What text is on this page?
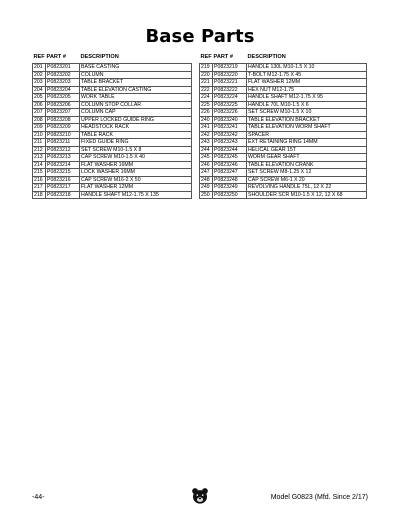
Base Parts
REF	PART #	DESCRIPTION
201	P0823201	BASE CASTING
202	P0823202	COLUMN
203	P0823203	TABLE BRACKET
204	P0823204	TABLE ELEVATION CASTING
205	P0823205	WORK TABLE
206	P0823206	COLUMN STOP COLLAR
207	P0823207	COLUMN CAP
208	P0823208	UPPER LOCKED GUIDE RING
209	P0823209	HEADSTOCK RACK
210	P0823210	TABLE RACK
211	P0823211	FIXED GUIDE RING
212	P0823212	SET SCREW M10-1.5 X 8
213	P0823213	CAP SCREW M10-1.5 X 40
214	P0823214	FLAT WASHER 16MM
215	P0823215	LOCK WASHER 16MM
216	P0823216	CAP SCREW M16-2 X 50
217	P0823217	FLAT WASHER 12MM
218	P0823218	HANDLE SHAFT M12-1.75 X 135
REF	PART #	DESCRIPTION
219	P0823219	HANDLE 130L M10-1.5 X 10
220	P0823220	T-BOLT M12-1.75 X 45
221	P0823221	FLAT WASHER 12MM
222	P0823222	HEX NUT M12-1.75
224	P0823224	HANDLE SHAFT M12-1.75 X 95
225	P0823225	HANDLE 70L M10-1.5 X 6
226	P0823226	SET SCREW M10-1.5 X 10
240	P0823240	TABLE ELEVATION BRACKET
241	P0823241	TABLE ELEVATION WORM SHAFT
242	P0823242	SPACER
243	P0823243	EXT RETAINING RING 14MM
244	P0823244	HELICAL GEAR 15T
245	P0823245	WORM GEAR SHAFT
246	P0823246	TABLE ELEVATION CRANK
247	P0823247	SET SCREW M8-1.25 X 12
248	P0823248	CAP SCREW M6-1 X 20
249	P0823249	REVOLVING HANDLE 75L, 12 X 22
250	P0823250	SHOULDER SCR M10-1.5 X 12, 12 X 68
-44-	Model G0823 (Mfd. Since 2/17)
